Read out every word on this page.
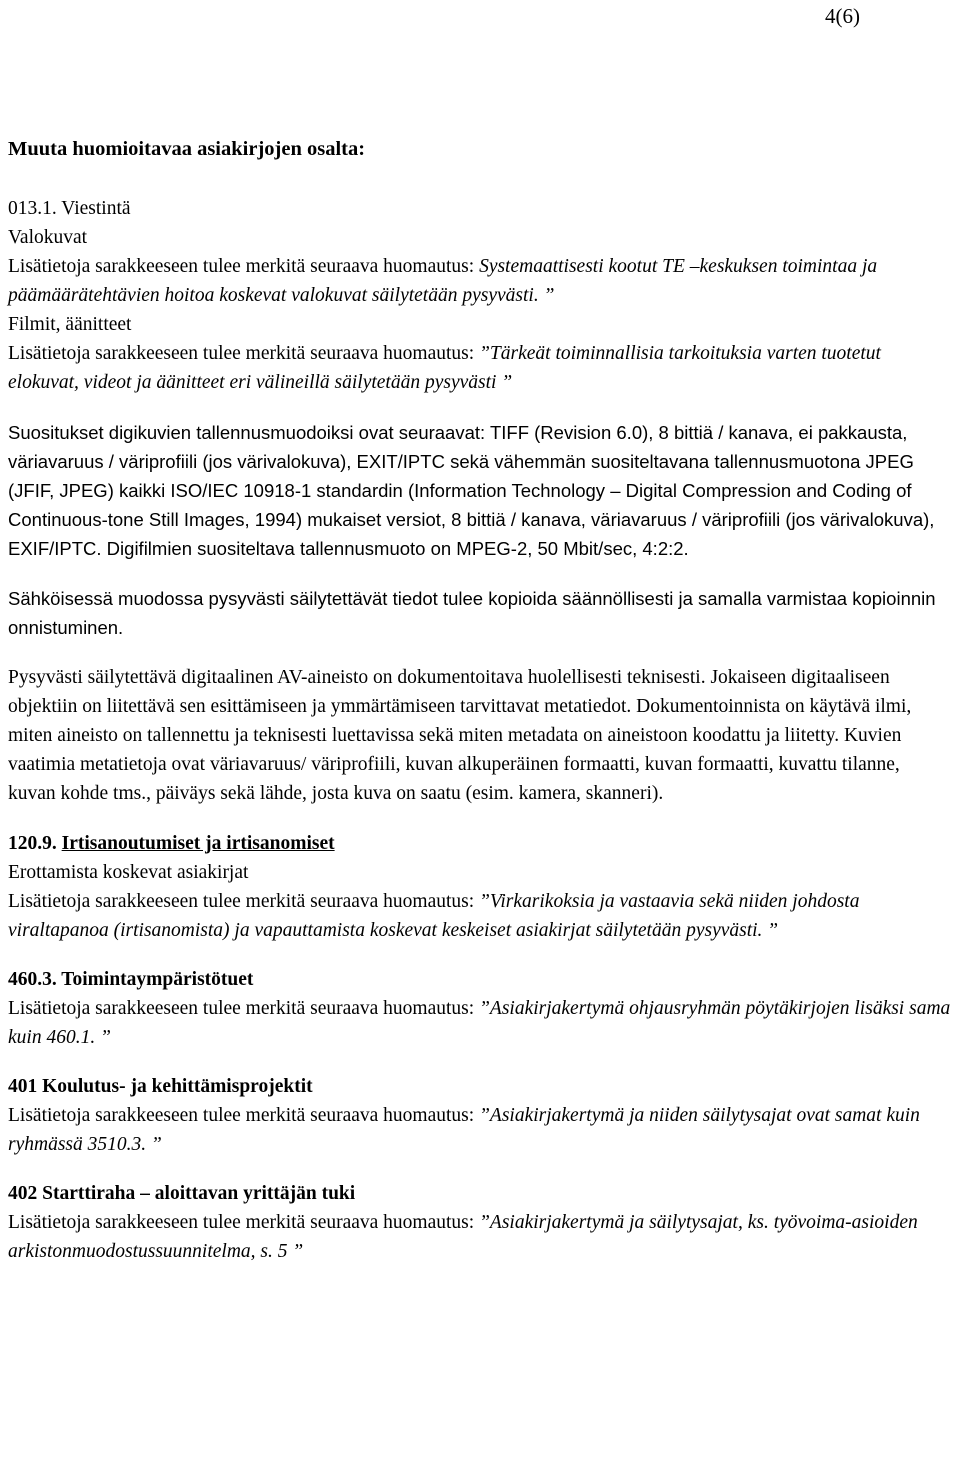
4(6)

Muuta huomioitavaa asiakirjojen osalta:

013.1. Viestintä

Valokuvat

Lisätietoja sarakkeeseen tulee merkitä seuraava huomautus: Systemaattisesti kootut TE –keskuksen toimintaa ja päämäärätehtävien hoitoa koskevat valokuvat säilytetään pysyvästi. ”

Filmit, äänitteet

Lisätietoja sarakkeeseen tulee merkitä seuraava huomautus: ”Tärkeät toiminnallisia tarkoituksia varten tuotetut elokuvat, videot ja äänitteet eri välineillä säilytetään pysyvästi ”

Suositukset digikuvien tallennusmuodoiksi ovat seuraavat: TIFF (Revision 6.0), 8 bittiä / kanava, ei pakkausta, väriavaruus / väriprofiili (jos värivalokuva), EXIT/IPTC sekä vähemmän suositeltavana tallennusmuotona JPEG (JFIF, JPEG) kaikki ISO/IEC 10918-1 standardin (Information Technology – Digital Compression and Coding of Continuous-tone Still Images, 1994) mukaiset versiot, 8 bittiä / kanava, väriavaruus / väriprofiili (jos värivalokuva), EXIF/IPTC. Digifilmien suositeltava tallennusmuoto on MPEG-2, 50 Mbit/sec, 4:2:2.

Sähköisessä muodossa pysyvästi säilytettävät tiedot tulee kopioida säännöllisesti ja samalla varmistaa kopioinnin onnistuminen.

Pysyvästi säilytettävä digitaalinen AV-aineisto on dokumentoitava huolellisesti teknisesti. Jokaiseen digitaaliseen objektiin on liitettävä sen esittämiseen ja ymmärtämiseen tarvittavat metatiedot. Dokumentoinnista on käytävä ilmi, miten aineisto on tallennettu ja teknisesti luettavissa sekä miten metadata on aineistoon koodattu ja liitetty. Kuvien vaatimia metatietoja ovat väriavaruus/ väriprofiili, kuvan alkuperäinen formaatti, kuvan formaatti, kuvattu tilanne, kuvan kohde tms., päiväys sekä lähde, josta kuva on saatu (esim. kamera, skanneri).

120.9. Irtisanoutumiset ja irtisanomiset

Erottamista koskevat asiakirjat

Lisätietoja sarakkeeseen tulee merkitä seuraava huomautus: ”Virkarikoksia ja vastaavia sekä niiden johdosta viraltapanoa (irtisanomista) ja vapauttamista koskevat keskeiset asiakirjat säilytetään pysyvästi. ”

460.3. Toimintaympäristötuet

Lisätietoja sarakkeeseen tulee merkitä seuraava huomautus: ”Asiakirjakertymä ohjausryhmän pöytäkirjojen lisäksi sama kuin 460.1. ”

401 Koulutus- ja kehittämisprojektit

Lisätietoja sarakkeeseen tulee merkitä seuraava huomautus: ”Asiakirjakertymä ja niiden säilytysajat ovat samat kuin ryhmässä 3510.3. ”

402 Starttiraha – aloittavan yrittäjän tuki

Lisätietoja sarakkeeseen tulee merkitä seuraava huomautus: ”Asiakirjakertymä ja säilytysajat, ks. työvoima-asioiden arkistonmuodostussuunnitelma, s. 5 ”
